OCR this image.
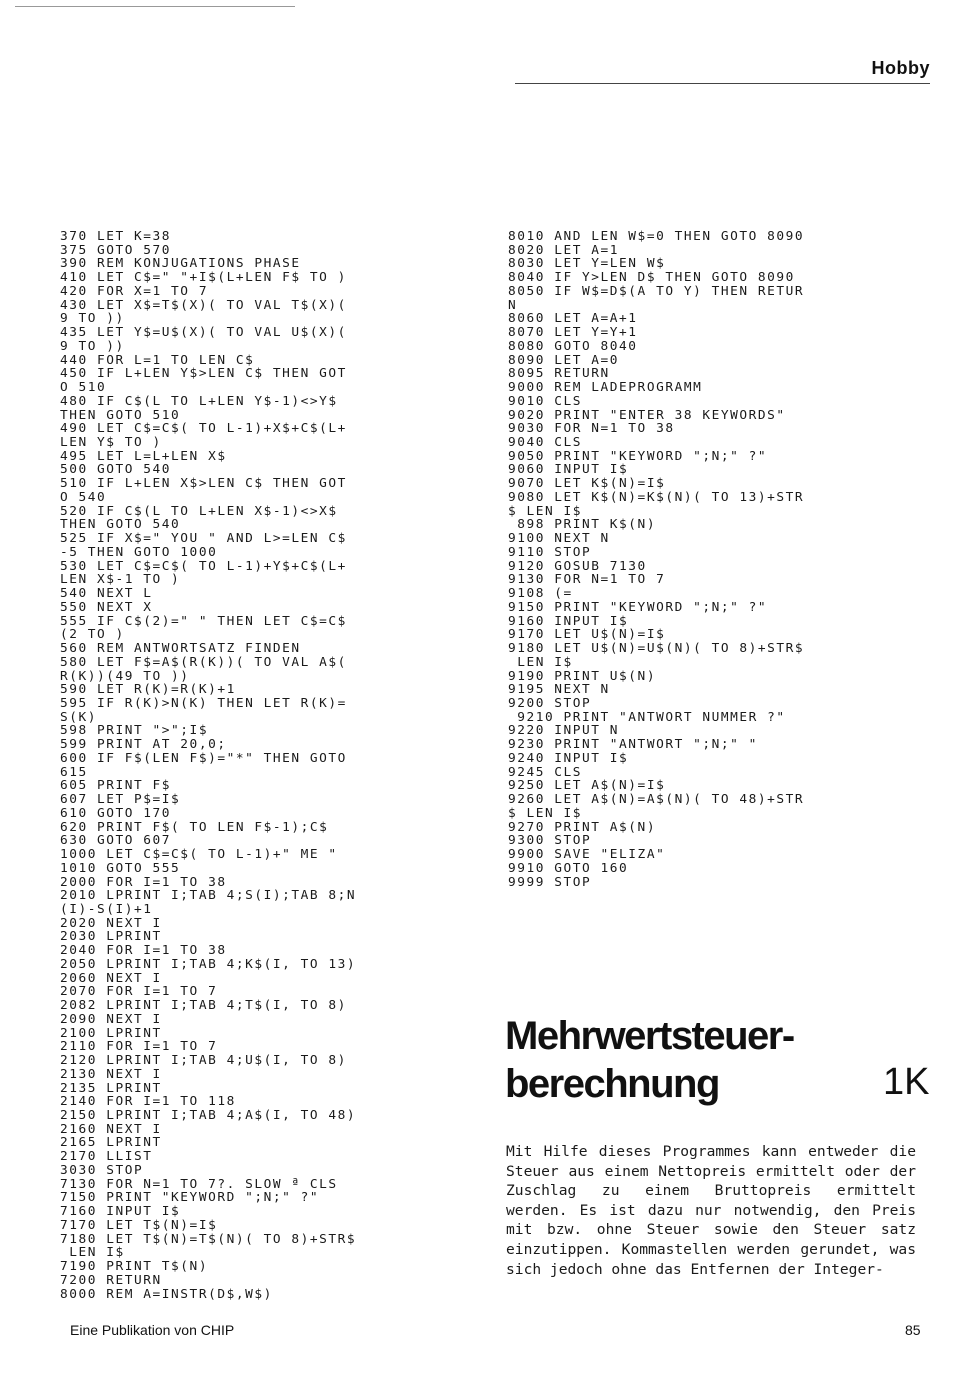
Hobby
370 LET K=38
375 GOTO 570
390 REM KONJUGATIONS PHASE
410 LET C$=" "+I$(L+LEN F$ TO )
420 FOR X=1 TO 7
430 LET X$=T$(X)( TO VAL T$(X)(
9 TO ))
435 LET Y$=U$(X)( TO VAL U$(X)(
9 TO ))
440 FOR L=1 TO LEN C$
450 IF L+LEN Y$>LEN C$ THEN GOT
O 510
480 IF C$(L TO L+LEN Y$-1)<>Y$
THEN GOTO 510
490 LET C$=C$( TO L-1)+X$+C$(L+
LEN Y$ TO )
495 LET L=L+LEN X$
500 GOTO 540
510 IF L+LEN X$>LEN C$ THEN GOT
O 540
520 IF C$(L TO L+LEN X$-1)<>X$
THEN GOTO 540
525 IF X$=" YOU " AND L>=LEN C$
-5 THEN GOTO 1000
530 LET C$=C$( TO L-1)+Y$+C$(L+
LEN X$-1 TO )
540 NEXT L
550 NEXT X
555 IF C$(2)=" " THEN LET C$=C$
(2 TO )
560 REM ANTWORTSATZ FINDEN
580 LET F$=A$(R(K))( TO VAL A$(
R(K))(49 TO ))
590 LET R(K)=R(K)+1
595 IF R(K)>N(K) THEN LET R(K)=
S(K)
598 PRINT ">";I$
599 PRINT AT 20,0;
600 IF F$(LEN F$)="*" THEN GOTO
615
605 PRINT F$
607 LET P$=I$
610 GOTO 170
620 PRINT F$( TO LEN F$-1);C$
630 GOTO 607
1000 LET C$=C$( TO L-1)+" ME "
1010 GOTO 555
2000 FOR I=1 TO 38
2010 LPRINT I;TAB 4;S(I);TAB 8;N
(I)-S(I)+1
2020 NEXT I
2030 LPRINT
2040 FOR I=1 TO 38
2050 LPRINT I;TAB 4;K$(I, TO 13)
2060 NEXT I
2070 FOR I=1 TO 7
2082 LPRINT I;TAB 4;T$(I, TO 8)
2090 NEXT I
2100 LPRINT
2110 FOR I=1 TO 7
2120 LPRINT I;TAB 4;U$(I, TO 8)
2130 NEXT I
2135 LPRINT
2140 FOR I=1 TO 118
2150 LPRINT I;TAB 4;A$(I, TO 48)
2160 NEXT I
2165 LPRINT
2170 LLIST
3030 STOP
7130 FOR N=1 TO 7?. SLOW ª CLS
7150 PRINT "KEYWORD ";N;" ?"
7160 INPUT I$
7170 LET T$(N)=I$
7180 LET T$(N)=T$(N)( TO 8)+STR$
LEN I$
7190 PRINT T$(N)
7200 RETURN
8000 REM A=INSTR(D$,W$)
8010 AND LEN W$=0 THEN GOTO 8090
8020 LET A=1
8030 LET Y=LEN W$
8040 IF Y>LEN D$ THEN GOTO 8090
8050 IF W$=D$(A TO Y) THEN RETUR
N
8060 LET A=A+1
8070 LET Y=Y+1
8080 GOTO 8040
8090 LET A=0
8095 RETURN
9000 REM LADEPROGRAMM
9010 CLS
9020 PRINT "ENTER 38 KEYWORDS"
9030 FOR N=1 TO 38
9040 CLS
9050 PRINT "KEYWORD ";N;" ?"
9060 INPUT I$
9070 LET K$(N)=I$
9080 LET K$(N)=K$(N)( TO 13)+STR
$ LEN I$
898 PRINT K$(N)
9100 NEXT N
9110 STOP
9120 GOSUB 7130
9130 FOR N=1 TO 7
9108 (=
9150 PRINT "KEYWORD ";N;" ?"
9160 INPUT I$
9170 LET U$(N)=I$
9180 LET U$(N)=U$(N)( TO 8)+STR$
LEN I$
9190 PRINT U$(N)
9195 NEXT N
9200 STOP
9210 PRINT "ANTWORT NUMMER ?"
9220 INPUT N
9230 PRINT "ANTWORT ";N;" "
9240 INPUT I$
9245 CLS
9250 LET A$(N)=I$
9260 LET A$(N)=A$(N)( TO 48)+STR
$ LEN I$
9270 PRINT A$(N)
9300 STOP
9900 SAVE "ELIZA"
9910 GOTO 160
9999 STOP
Mehrwertsteuer-
berechnung	1K

Mit Hilfe dieses Programmes kann entweder die Steuer aus einem Nettopreis ermittelt oder der Zuschlag zu einem Bruttopreis ermittelt werden. Es ist dazu nur notwendig, den Preis mit bzw. ohne Steuer sowie den Steuer satz einzutippen. Kommastellen werden gerundet, was sich jedoch ohne das Entfernen der Integer-

Eine Publikation von CHIP	85
